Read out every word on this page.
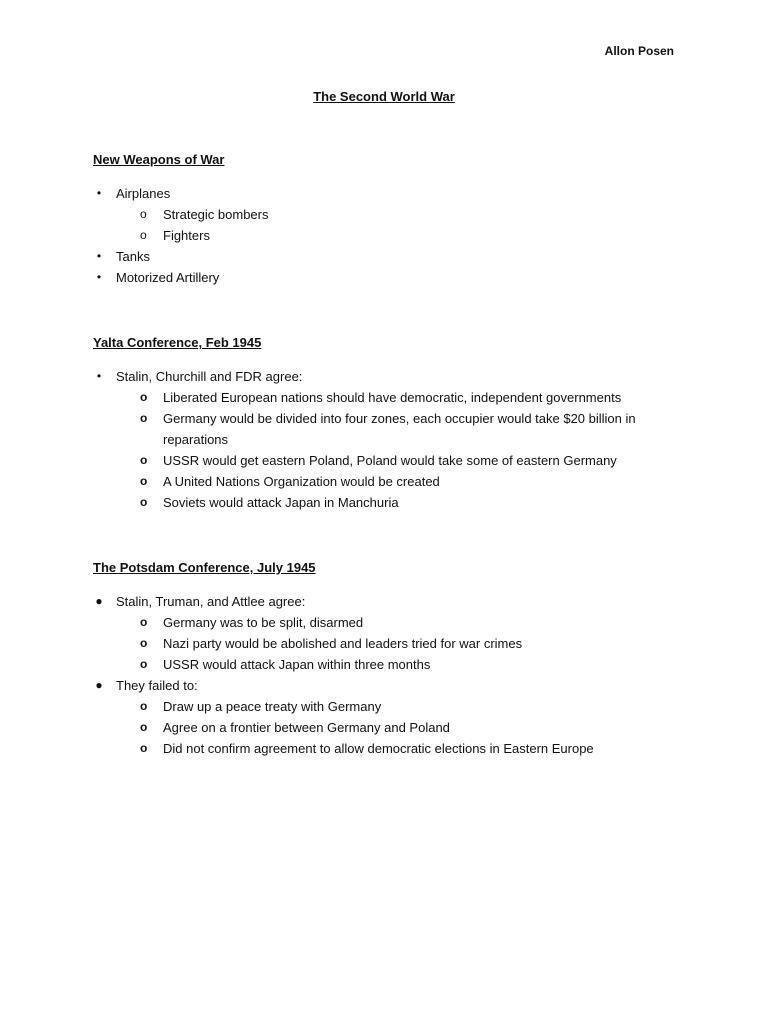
Allon Posen
The Second World War
New Weapons of War
•	Airplanes
o	Strategic bombers
o	Fighters
•	Tanks
•	Motorized Artillery
Yalta Conference, Feb 1945
•	Stalin, Churchill and FDR agree:
o	Liberated European nations should have democratic, independent governments
o	Germany would be divided into four zones, each occupier would take $20 billion in reparations
o	USSR would get eastern Poland, Poland would take some of eastern Germany
o	A United Nations Organization would be created
o	Soviets would attack Japan in Manchuria
The Potsdam Conference, July 1945
● Stalin, Truman, and Attlee agree:
o	Germany was to be split, disarmed
o	Nazi party would be abolished and leaders tried for war crimes
o	USSR would attack Japan within three months
● They failed to:
o	Draw up a peace treaty with Germany
o	Agree on a frontier between Germany and Poland
o	Did not confirm agreement to allow democratic elections in Eastern Europe
